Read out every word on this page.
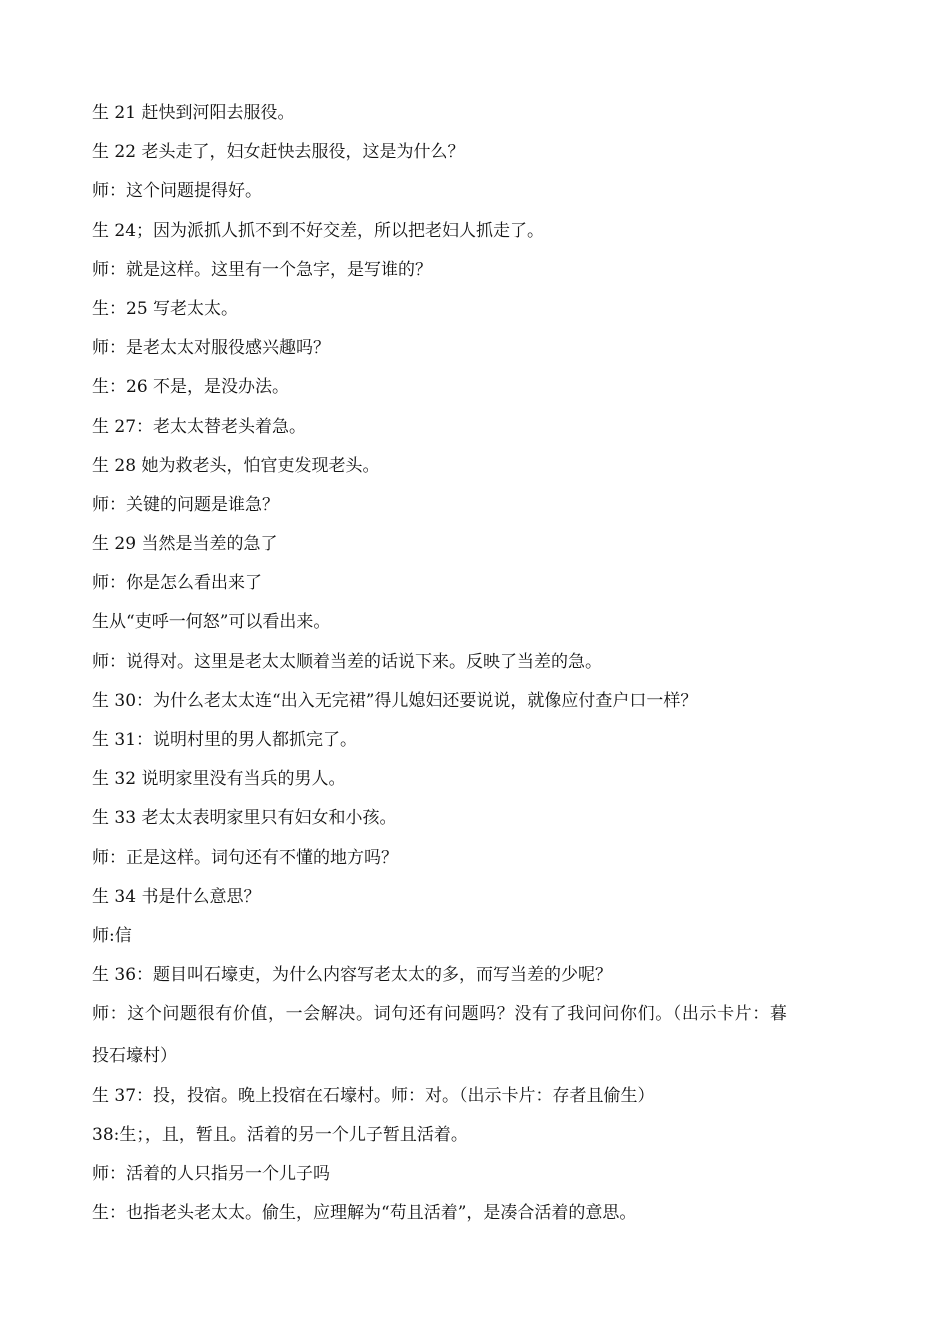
生 21 赶快到河阳去服役。
生 22 老头走了，妇女赶快去服役，这是为什么？
师：这个问题提得好。
生 24；因为派抓人抓不到不好交差，所以把老妇人抓走了。
师：就是这样。这里有一个急字，是写谁的？
生：25 写老太太。
师：是老太太对服役感兴趣吗？
生：26 不是，是没办法。
生 27：老太太替老头着急。
生 28 她为救老头，怕官吏发现老头。
师：关键的问题是谁急？
生 29 当然是当差的急了
师：你是怎么看出来了
生从“吏呼一何怒”可以看出来。
师：说得对。这里是老太太顺着当差的话说下来。反映了当差的急。
生 30：为什么老太太连“出入无完裙”得儿媳妇还要说说，就像应付查户口一样？
生 31：说明村里的男人都抓完了。
生 32 说明家里没有当兵的男人。
生 33 老太太表明家里只有妇女和小孩。
师：正是这样。词句还有不懂的地方吗？
生 34 书是什么意思？
师:信
生 36：题目叫石壕吏，为什么内容写老太太的多，而写当差的少呢？
师：这个问题很有价值，一会解决。词句还有问题吗？没有了我问问你们。（出示卡片：暮
投石壕村）
生 37：投，投宿。晚上投宿在石壕村。师：对。（出示卡片：存者且偷生）
38:生；，且，暂且。活着的另一个儿子暂且活着。
师：活着的人只指另一个儿子吗
生：也指老头老太太。偷生，应理解为“苟且活着”，是凑合活着的意思。
